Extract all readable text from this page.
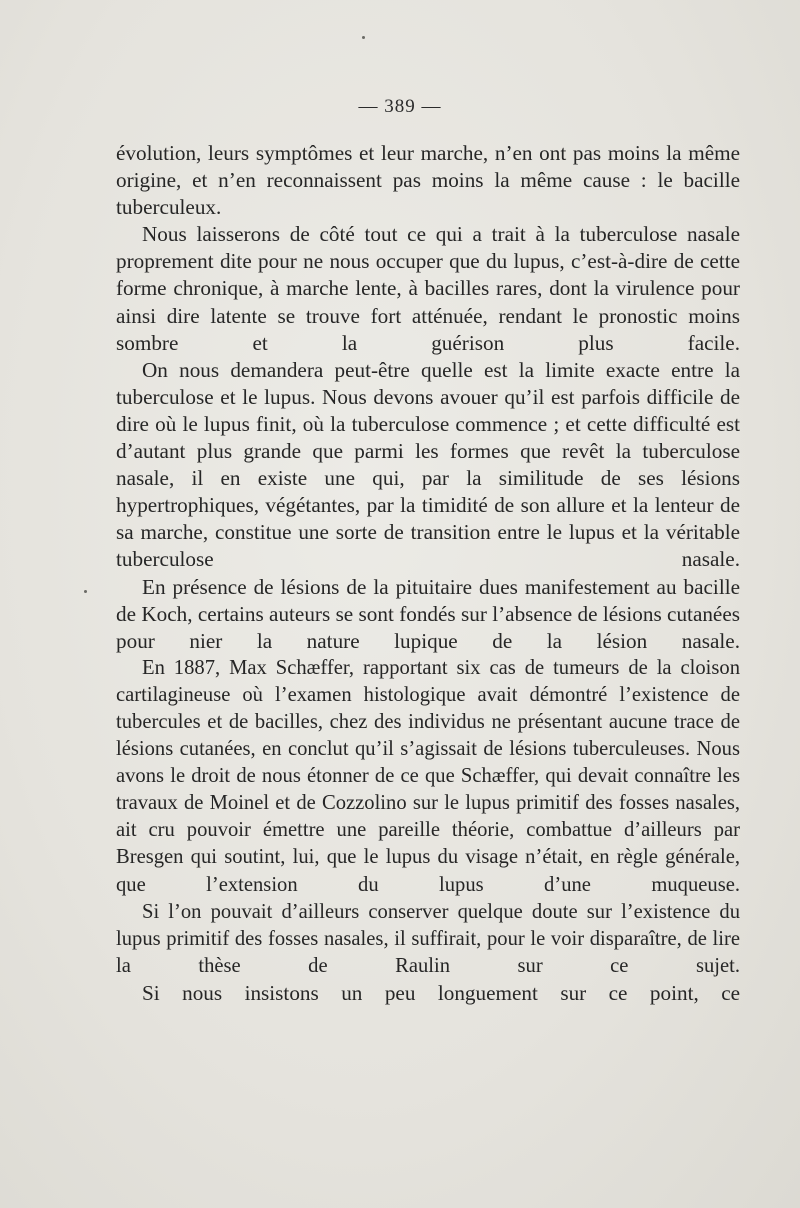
— 389 —

évolution, leurs symptômes et leur marche, n’en ont pas moins la même origine, et n’en reconnaissent pas moins la même cause : le bacille tuberculeux.

Nous laisserons de côté tout ce qui a trait à la tuberculose nasale proprement dite pour ne nous occuper que du lupus, c’est-à-dire de cette forme chronique, à marche lente, à bacilles rares, dont la virulence pour ainsi dire latente se trouve fort atténuée, rendant le pronostic moins sombre et la guérison plus facile.

On nous demandera peut-être quelle est la limite exacte entre la tuberculose et le lupus. Nous devons avouer qu’il est parfois difficile de dire où le lupus finit, où la tuberculose commence ; et cette difficulté est d’autant plus grande que parmi les formes que revêt la tuberculose nasale, il en existe une qui, par la similitude de ses lésions hypertrophiques, végétantes, par la timidité de son allure et la lenteur de sa marche, constitue une sorte de transition entre le lupus et la véritable tuberculose nasale.

En présence de lésions de la pituitaire dues manifestement au bacille de Koch, certains auteurs se sont fondés sur l’absence de lésions cutanées pour nier la nature lupique de la lésion nasale.

En 1887, Max Schæffer, rapportant six cas de tumeurs de la cloison cartilagineuse où l’examen histologique avait démontré l’existence de tubercules et de bacilles, chez des individus ne présentant aucune trace de lésions cutanées, en conclut qu’il s’agissait de lésions tuberculeuses. Nous avons le droit de nous étonner de ce que Schæffer, qui devait connaître les travaux de Moinel et de Cozzolino sur le lupus primitif des fosses nasales, ait cru pouvoir émettre une pareille théorie, combattue d’ailleurs par Bresgen qui soutint, lui, que le lupus du visage n’était, en règle générale, que l’extension du lupus d’une muqueuse.

Si l’on pouvait d’ailleurs conserver quelque doute sur l’existence du lupus primitif des fosses nasales, il suffirait, pour le voir disparaître, de lire la thèse de Raulin sur ce sujet.

Si nous insistons un peu longuement sur ce point, ce
